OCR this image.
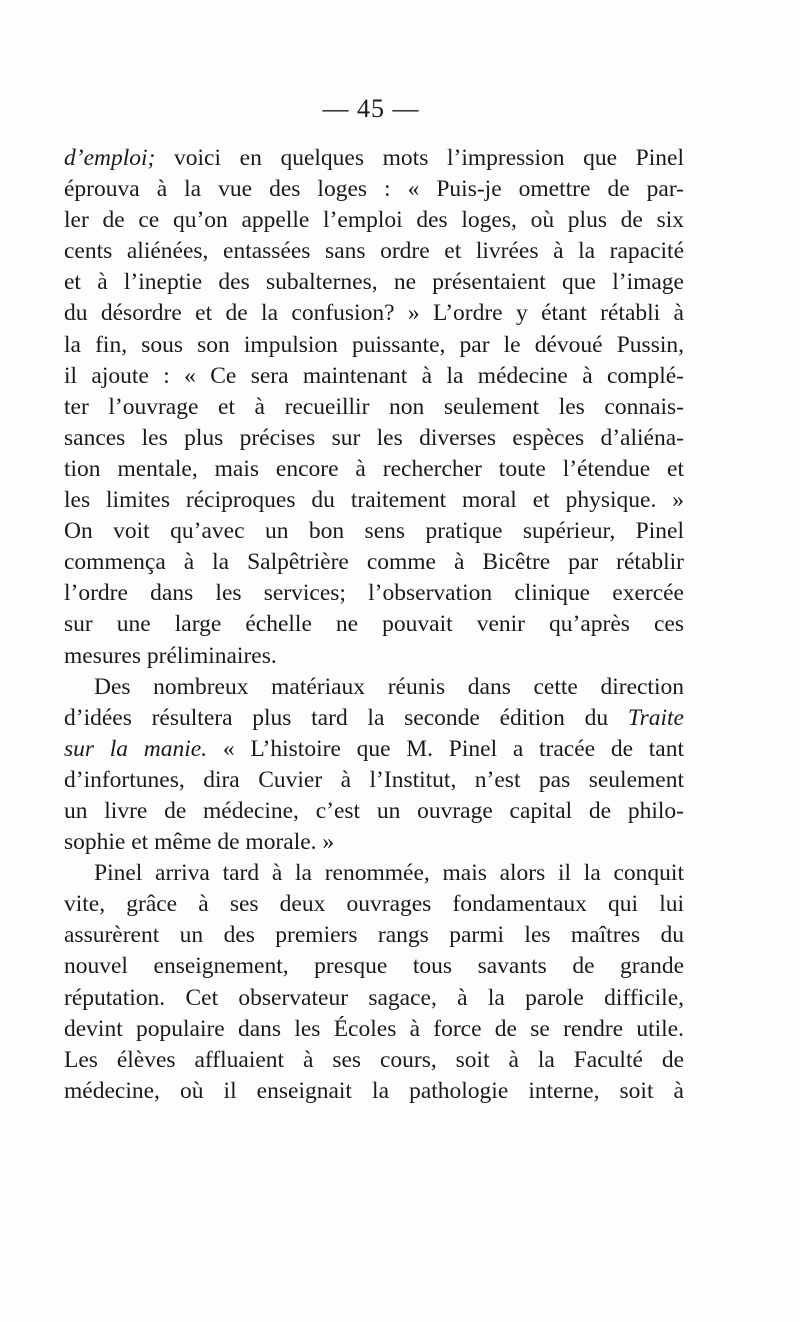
— 45 —
d’emploi; voici en quelques mots l’impression que Pinel
éprouva à la vue des loges : « Puis-je omettre de par-
ler de ce qu’on appelle l’emploi des loges, où plus de six
cents aliénées, entassées sans ordre et livrées à la rapacité
et à l’ineptie des subalternes, ne présentaient que l’image
du désordre et de la confusion? » L’ordre y étant rétabli à
la fin, sous son impulsion puissante, par le dévoué Pussin,
il ajoute : « Ce sera maintenant à la médecine à complé-
ter l’ouvrage et à recueillir non seulement les connais-
sances les plus précises sur les diverses espèces d’aliéna-
tion mentale, mais encore à rechercher toute l’étendue et
les limites réciproques du traitement moral et physique. »
On voit qu’avec un bon sens pratique supérieur, Pinel
commença à la Salpêtrière comme à Bicêtre par rétablir
l’ordre dans les services; l’observation clinique exercée
sur une large échelle ne pouvait venir qu’après ces
mesures préliminaires.
Des nombreux matériaux réunis dans cette direction
d’idées résultera plus tard la seconde édition du Traite
sur la manie. « L’histoire que M. Pinel a tracée de tant
d’infortunes, dira Cuvier à l’Institut, n’est pas seulement
un livre de médecine, c’est un ouvrage capital de philo-
sophie et même de morale. »
Pinel arriva tard à la renommée, mais alors il la conquit
vite, grâce à ses deux ouvrages fondamentaux qui lui
assurèrent un des premiers rangs parmi les maîtres du
nouvel enseignement, presque tous savants de grande
réputation. Cet observateur sagace, à la parole difficile,
devint populaire dans les Écoles à force de se rendre utile.
Les élèves affluaient à ses cours, soit à la Faculté de
médecine, où il enseignait la pathologie interne, soit à
